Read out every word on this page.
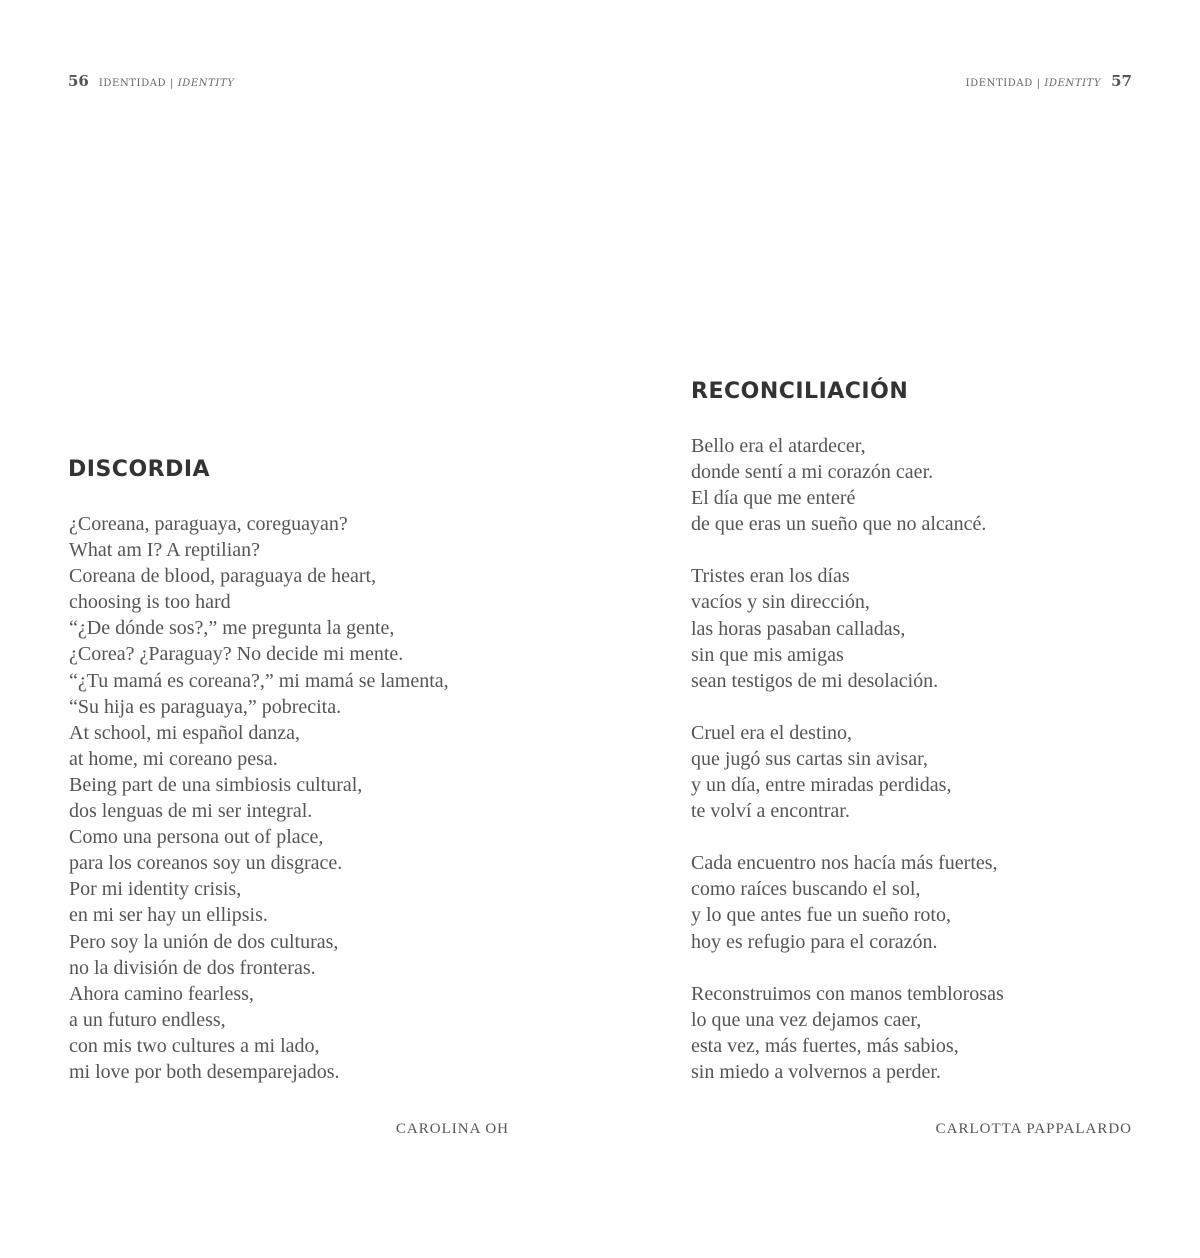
56 IDENTIDAD | IDENTITY	IDENTIDAD | IDENTITY 57
DISCORDIA
¿Coreana, paraguaya, coreguayan?
What am I? A reptilian?
Coreana de blood, paraguaya de heart,
choosing is too hard
“¿De dónde sos?,” me pregunta la gente,
¿Corea? ¿Paraguay? No decide mi mente.
“¿Tu mamá es coreana?,” mi mamá se lamenta,
“Su hija es paraguaya,” pobrecita.
At school, mi español danza,
at home, mi coreano pesa.
Being part de una simbiosis cultural,
dos lenguas de mi ser integral.
Como una persona out of place,
para los coreanos soy un disgrace.
Por mi identity crisis,
en mi ser hay un ellipsis.
Pero soy la unión de dos culturas,
no la división de dos fronteras.
Ahora camino fearless,
a un futuro endless,
con mis two cultures a mi lado,
mi love por both desemparejados.
CAROLINA OH
RECONCILIACIÓN
Bello era el atardecer,
donde sentí a mi corazón caer.
El día que me enteré
de que eras un sueño que no alcancé.
Tristes eran los días
vacíos y sin dirección,
las horas pasaban calladas,
sin que mis amigas
sean testigos de mi desolación.
Cruel era el destino,
que jugó sus cartas sin avisar,
y un día, entre miradas perdidas,
te volví a encontrar.
Cada encuentro nos hacía más fuertes,
como raíces buscando el sol,
y lo que antes fue un sueño roto,
hoy es refugio para el corazón.
Reconstruimos con manos temblorosas
lo que una vez dejamos caer,
esta vez, más fuertes, más sabios,
sin miedo a volvernos a perder.
CARLOTTA PAPPALARDO
